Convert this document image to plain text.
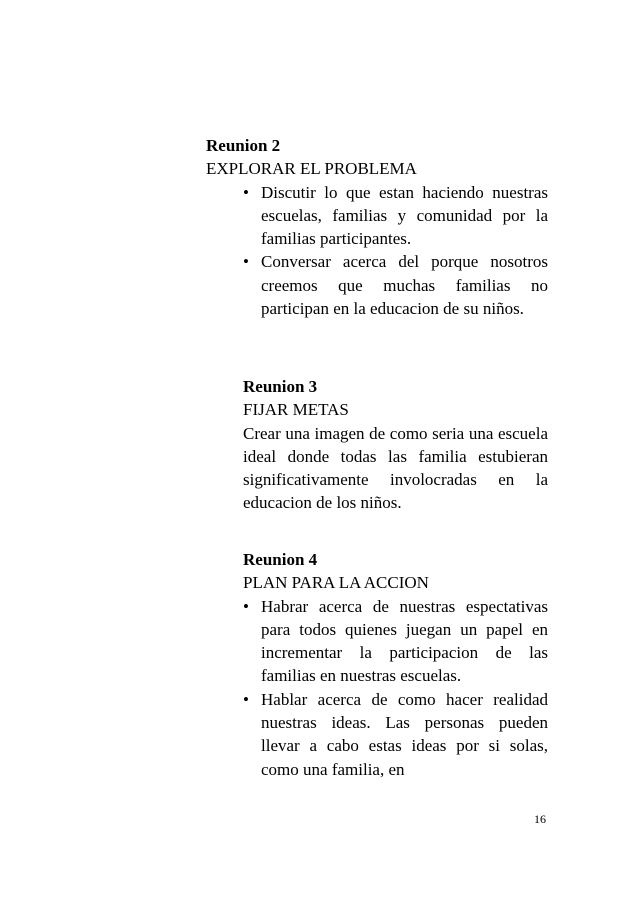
Reunion 2
EXPLORAR EL PROBLEMA
• Discutir lo que estan haciendo nuestras escuelas, familias y comunidad por la familias participantes.
• Conversar acerca del porque nosotros creemos que muchas familias no participan en la educacion de su niños.
Reunion 3
FIJAR METAS
Crear una imagen de como seria una escuela ideal donde todas las familia estubieran significativamente involocradas en la educacion de los niños.
Reunion 4
PLAN PARA LA ACCION
• Habrar acerca de nuestras espectativas para todos quienes juegan un papel en incrementar la participacion de las familias en nuestras escuelas.
• Hablar acerca de como hacer realidad nuestras ideas. Las personas pueden llevar a cabo estas ideas por si solas, como una familia, en
16
